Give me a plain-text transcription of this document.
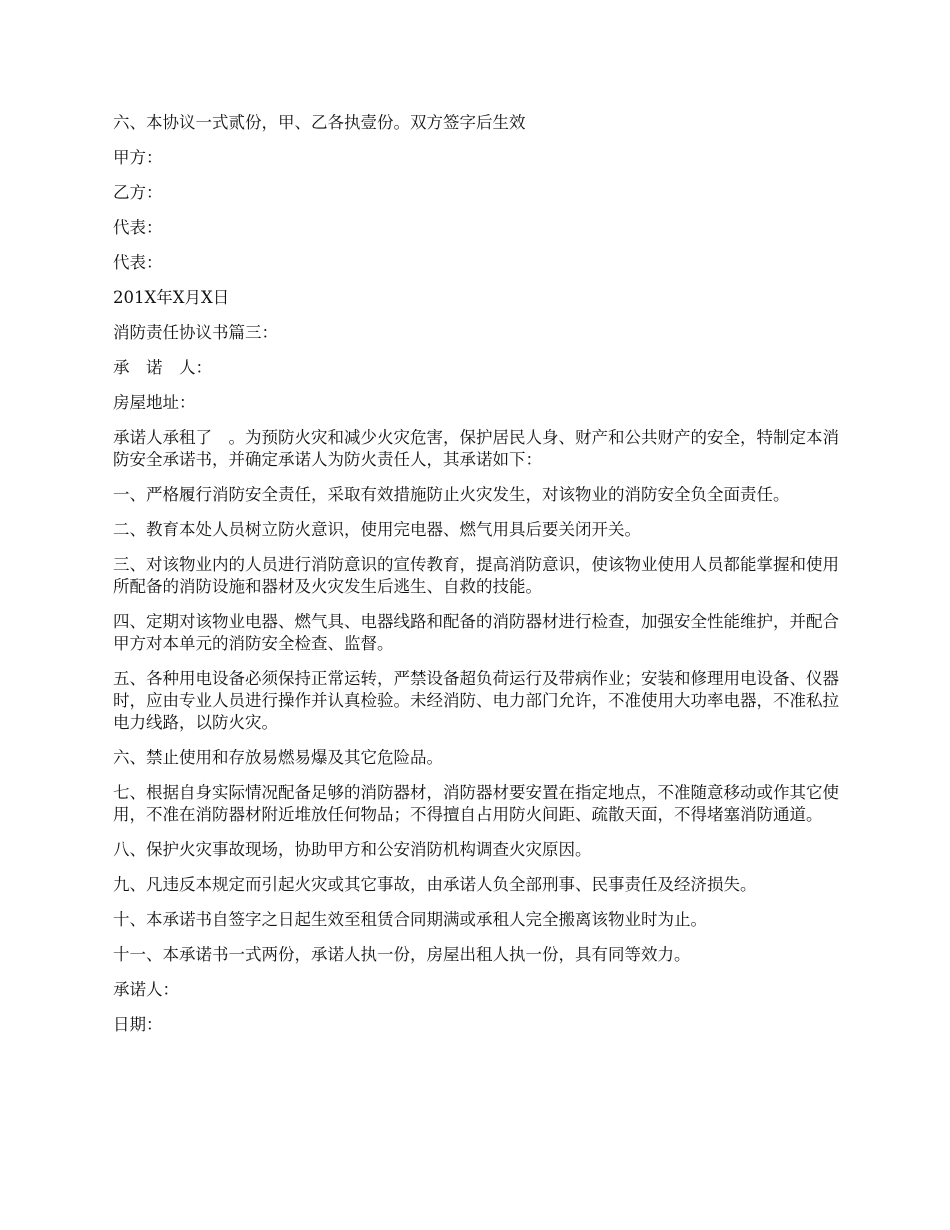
六、本协议一式贰份，甲、乙各执壹份。双方签字后生效

甲方：

乙方：

代表：

代表：

201X年X月X日

消防责任协议书篇三：

承　诺　人：

房屋地址：

承诺人承租了　。为预防火灾和减少火灾危害，保护居民人身、财产和公共财产的安全，特制定本消防安全承诺书，并确定承诺人为防火责任人，其承诺如下：

一、严格履行消防安全责任，采取有效措施防止火灾发生，对该物业的消防安全负全面责任。

二、教育本处人员树立防火意识，使用完电器、燃气用具后要关闭开关。

三、对该物业内的人员进行消防意识的宣传教育，提高消防意识，使该物业使用人员都能掌握和使用所配备的消防设施和器材及火灾发生后逃生、自救的技能。

四、定期对该物业电器、燃气具、电器线路和配备的消防器材进行检查，加强安全性能维护，并配合甲方对本单元的消防安全检查、监督。

五、各种用电设备必须保持正常运转，严禁设备超负荷运行及带病作业；安装和修理用电设备、仪器时，应由专业人员进行操作并认真检验。未经消防、电力部门允许，不准使用大功率电器，不准私拉电力线路，以防火灾。

六、禁止使用和存放易燃易爆及其它危险品。

七、根据自身实际情况配备足够的消防器材，消防器材要安置在指定地点，不准随意移动或作其它使用，不准在消防器材附近堆放任何物品；不得擅自占用防火间距、疏散天面，不得堵塞消防通道。

八、保护火灾事故现场，协助甲方和公安消防机构调查火灾原因。

九、凡违反本规定而引起火灾或其它事故，由承诺人负全部刑事、民事责任及经济损失。

十、本承诺书自签字之日起生效至租赁合同期满或承租人完全搬离该物业时为止。

十一、本承诺书一式两份，承诺人执一份，房屋出租人执一份，具有同等效力。

承诺人：

日期：
